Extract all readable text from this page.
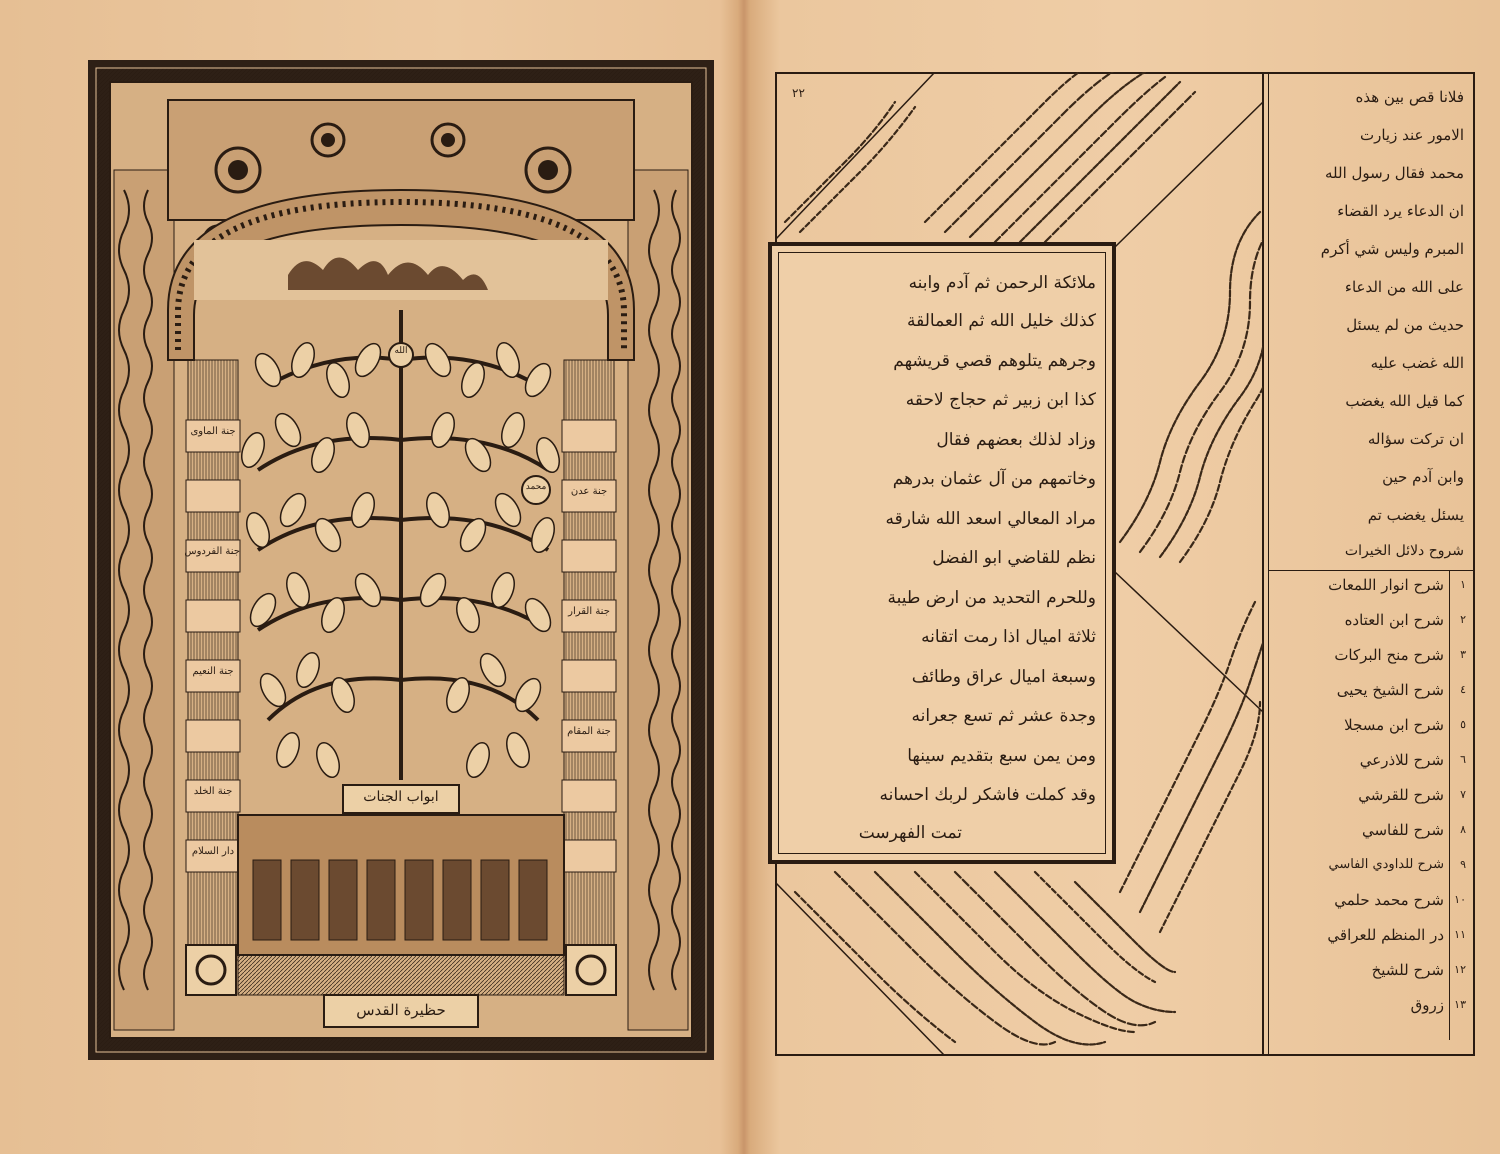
ابواب الجنات
حظيرة القدس
الله
محمد
جنة الماوى
جنة الفردوس
جنة النعيم
جنة الخلد
دار السلام
جنة عدن
جنة القرار
جنة المقام
٢٢
ملائكة الرحمن ثم آدم وابنه
كذلك خليل الله ثم العمالقة
وجرهم يتلوهم قصي قريشهم
كذا ابن زبير ثم حجاج لاحقه
وزاد لذلك بعضهم فقال
وخاتمهم من آل عثمان بدرهم
مراد المعالي اسعد الله شارقه
نظم للقاضي ابو الفضل
وللحرم التحديد من ارض طيبة
ثلاثة اميال اذا رمت اتقانه
وسبعة اميال عراق وطائف
وجدة عشر ثم تسع جعرانه
ومن يمن سبع بتقديم سينها
وقد كملت فاشكر لربك احسانه
تمت الفهرست
فلانا قص بين هذه
الامور عند زيارت
محمد فقال رسول الله
ان الدعاء يرد القضاء
المبرم وليس شي أكرم
على الله من الدعاء
حديث من لم يسئل
الله غضب عليه
كما قيل الله يغضب
ان تركت سؤاله
وابن آدم حين
يسئل يغضب تم
شروح دلائل الخيرات
١
شرح انوار اللمعات
٢
شرح ابن العتاده
٣
شرح منح البركات
٤
شرح الشيخ يحيى
٥
شرح ابن مسجلا
٦
شرح للاذرعي
٧
شرح للقرشي
٨
شرح للفاسي
٩
شرح للداودي الفاسي
١٠
شرح محمد حلمي
١١
در المنظم للعراقي
١٢
شرح للشيخ
١٣
زروق
